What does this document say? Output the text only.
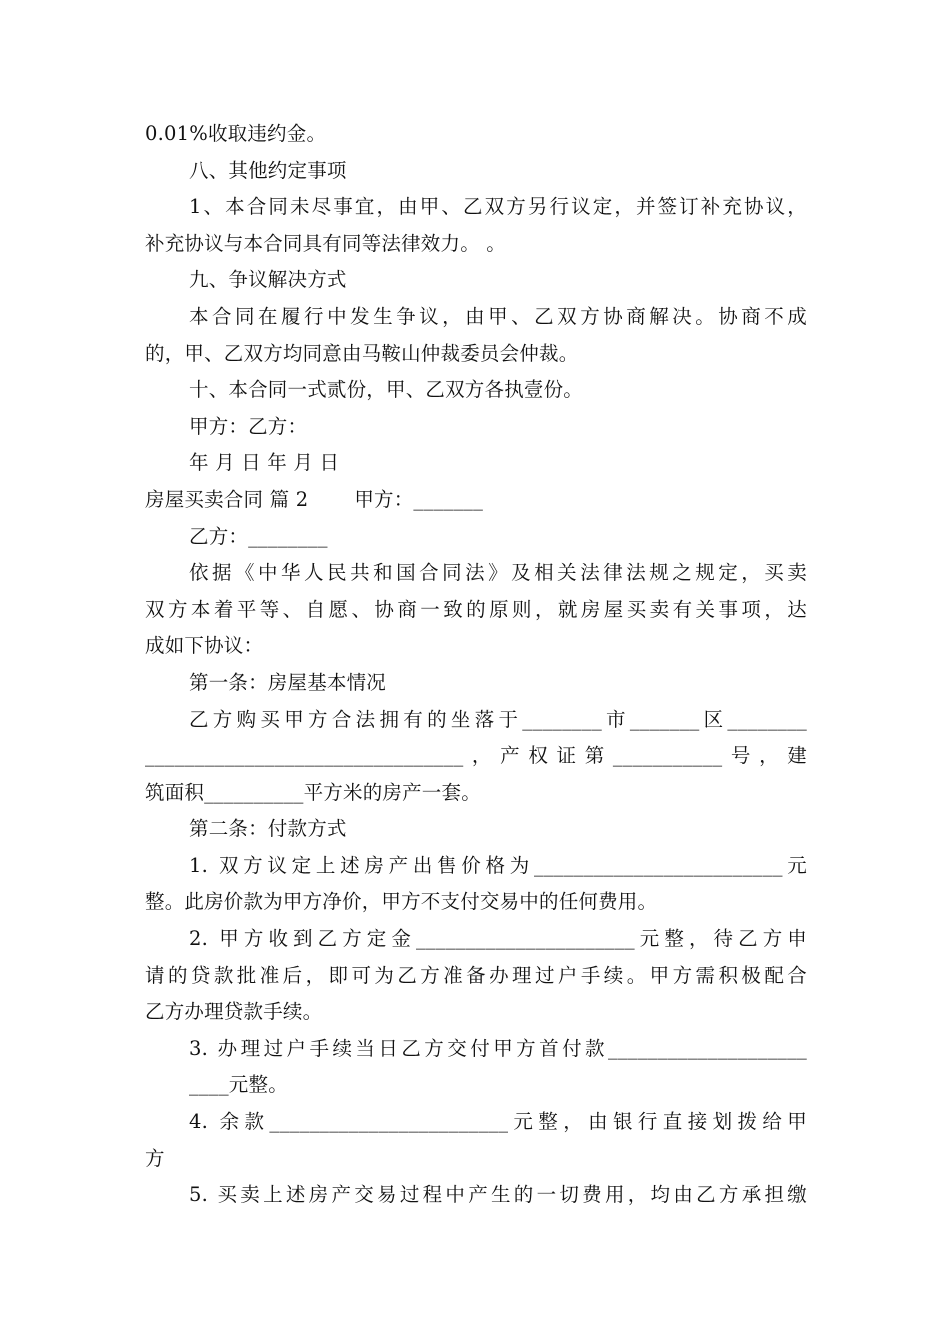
0.01%收取违约金。
八、其他约定事项
1、本合同未尽事宜，由甲、乙双方另行议定，并签订补充协议，
补充协议与本合同具有同等法律效力。 。
九、争议解决方式
本合同在履行中发生争议，由甲、乙双方协商解决。协商不成
的，甲、乙双方均同意由马鞍山仲裁委员会仲裁。
十、本合同一式贰份，甲、乙双方各执壹份。
甲方：乙方：
年 月 日 年 月 日
房屋买卖合同 篇 2 甲方：_______
乙方：________
依据《中华人民共和国合同法》及相关法律法规之规定，买卖
双方本着平等、自愿、协商一致的原则，就房屋买卖有关事项，达
成如下协议：
第一条：房屋基本情况
乙方购买甲方合法拥有的坐落于________市_______区________
________________________________，产权证第___________号，建
筑面积__________平方米的房产一套。
第二条：付款方式
1. 双方议定上述房产出售价格为_________________________元
整。此房价款为甲方净价，甲方不支付交易中的任何费用。
2. 甲方收到乙方定金______________________元整，待乙方申
请的贷款批准后，即可为乙方准备办理过户手续。甲方需积极配合
乙方办理贷款手续。
3. 办理过户手续当日乙方交付甲方首付款____________________
____元整。
4. 余款________________________元整，由银行直接划拨给甲
方
5. 买卖上述房产交易过程中产生的一切费用，均由乙方承担缴
